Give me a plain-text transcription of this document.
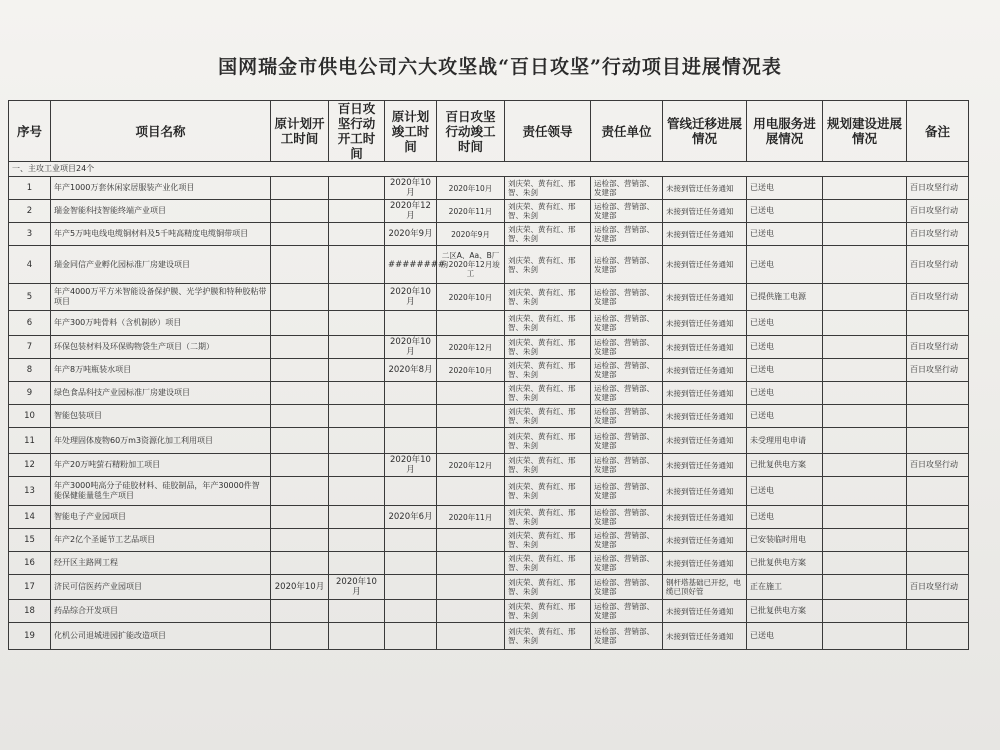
国网瑞金市供电公司六大攻坚战“百日攻坚”行动项目进展情况表
序号	项目名称	原计划开工时间	百日攻坚行动开工时间	原计划竣工时间	百日攻坚行动竣工时间	责任领导	责任单位	管线迁移进展情况	用电服务进展情况	规划建设进展情况	备注
一、主攻工业项目24个											
1	年产1000万套休闲家居服装产业化项目			2020年10月	2020年10月	刘庆荣、黄有红、邢智、朱剑	运检部、营销部、发建部	未接到管迁任务通知	已送电		百日攻坚行动
2	瑞金智能科技智能终端产业项目			2020年12月	2020年11月	刘庆荣、黄有红、邢智、朱剑	运检部、营销部、发建部	未接到管迁任务通知	已送电		百日攻坚行动
3	年产5万吨电线电缆铜材料及5千吨高精度电缆铜带项目			2020年9月	2020年9月	刘庆荣、黄有红、邢智、朱剑	运检部、营销部、发建部	未接到管迁任务通知	已送电		百日攻坚行动
4	瑞金同信产业孵化园标准厂房建设项目			########	二区A、Aa、B厂房2020年12月竣工	刘庆荣、黄有红、邢智、朱剑	运检部、营销部、发建部	未接到管迁任务通知	已送电		百日攻坚行动
5	年产4000万平方米智能设备保护膜、光学护膜和特种胶粘带项目			2020年10月	2020年10月	刘庆荣、黄有红、邢智、朱剑	运检部、营销部、发建部	未接到管迁任务通知	已提供施工电源		百日攻坚行动
6	年产300万吨骨料（含机制砂）项目					刘庆荣、黄有红、邢智、朱剑	运检部、营销部、发建部	未接到管迁任务通知	已送电		
7	环保包装材料及环保购物袋生产项目（二期）			2020年10月	2020年12月	刘庆荣、黄有红、邢智、朱剑	运检部、营销部、发建部	未接到管迁任务通知	已送电		百日攻坚行动
8	年产8万吨瓶装水项目			2020年8月	2020年10月	刘庆荣、黄有红、邢智、朱剑	运检部、营销部、发建部	未接到管迁任务通知	已送电		百日攻坚行动
9	绿色食品科技产业园标准厂房建设项目					刘庆荣、黄有红、邢智、朱剑	运检部、营销部、发建部	未接到管迁任务通知	已送电		
10	智能包装项目					刘庆荣、黄有红、邢智、朱剑	运检部、营销部、发建部	未接到管迁任务通知	已送电		
11	年处理固体废物60万m3资源化加工利用项目					刘庆荣、黄有红、邢智、朱剑	运检部、营销部、发建部	未接到管迁任务通知	未受理用电申请		
12	年产20万吨萤石精粉加工项目			2020年10月	2020年12月	刘庆荣、黄有红、邢智、朱剑	运检部、营销部、发建部	未接到管迁任务通知	已批复供电方案		百日攻坚行动
13	年产3000吨高分子硅胶材料、硅胶制品，年产30000件智能保健能量毯生产项目					刘庆荣、黄有红、邢智、朱剑	运检部、营销部、发建部	未接到管迁任务通知	已送电		
14	智能电子产业园项目			2020年6月	2020年11月	刘庆荣、黄有红、邢智、朱剑	运检部、营销部、发建部	未接到管迁任务通知	已送电		
15	年产2亿个圣诞节工艺品项目					刘庆荣、黄有红、邢智、朱剑	运检部、营销部、发建部	未接到管迁任务通知	已安装临时用电		
16	经开区主路网工程					刘庆荣、黄有红、邢智、朱剑	运检部、营销部、发建部	未接到管迁任务通知	已批复供电方案		
17	济民可信医药产业园项目	2020年10月	2020年10月			刘庆荣、黄有红、邢智、朱剑	运检部、营销部、发建部	钢杆塔基础已开挖，电缆已顶好管	正在施工		百日攻坚行动
18	药品综合开发项目					刘庆荣、黄有红、邢智、朱剑	运检部、营销部、发建部	未接到管迁任务通知	已批复供电方案		
19	化机公司退城进园扩能改造项目					刘庆荣、黄有红、邢智、朱剑	运检部、营销部、发建部	未接到管迁任务通知	已送电		
